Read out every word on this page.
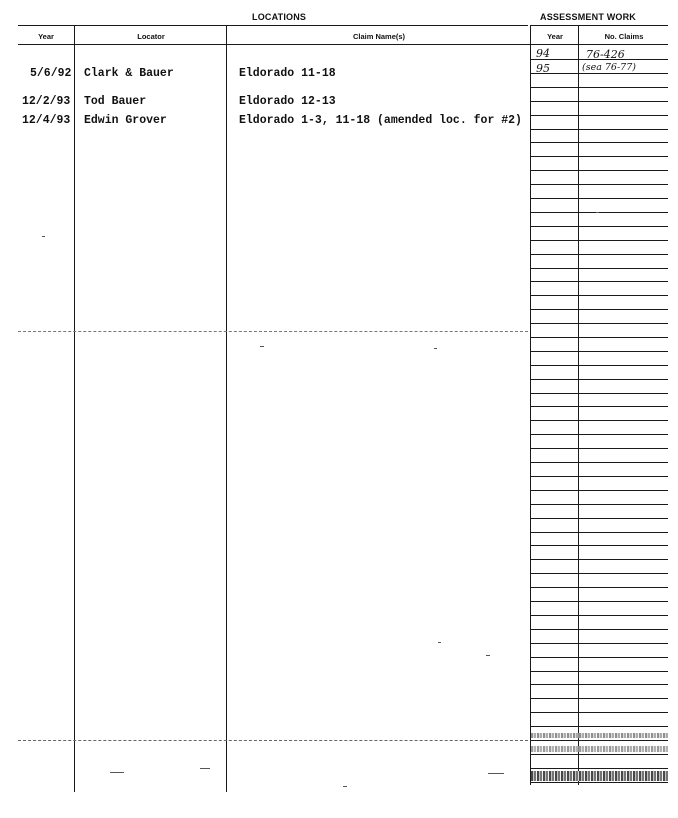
LOCATIONS	ASSESSMENT WORK
Year	Locator	Claim Name(s)	Year	No. Claims
5/6/92 Clark & Bauer	Eldorado 11-18
12/2/93 Tod Bauer	Eldorado 12-13
12/4/93 Edwin Grover	Eldorado 1-3, 11-18 (amended loc. for #2)
94	76-426
95	(sea 76-77)
